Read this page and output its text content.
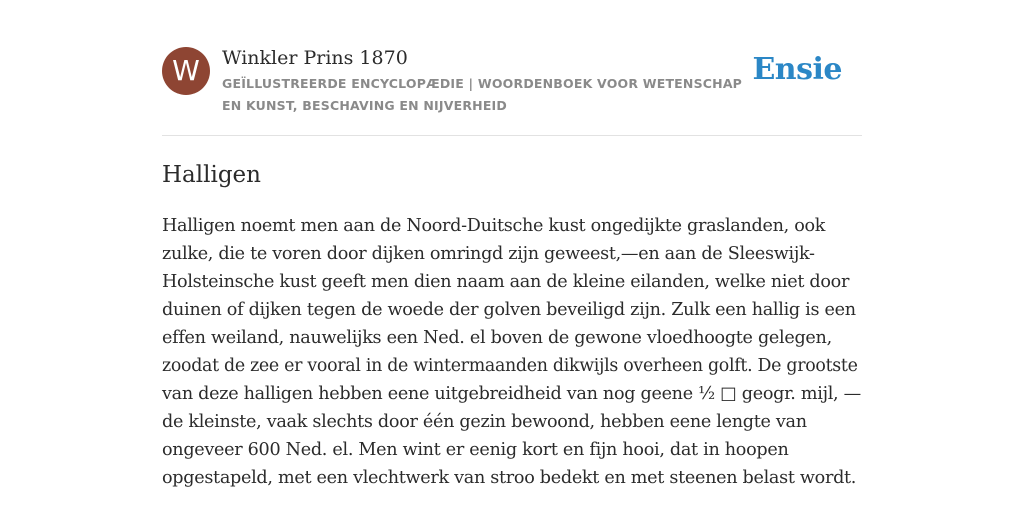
W	Winkler Prins 1870
GEÏLLUSTREERDE ENCYCLOPÆDIE | WOORDENBOEK VOOR WETENSCHAP EN KUNST, BESCHAVING EN NIJVERHEID
Ensie
Halligen
Halligen noemt men aan de Noord-Duitsche kust ongedijkte graslanden, ook
zulke, die te voren door dijken omringd zijn geweest,—en aan de Sleeswijk-
Holsteinsche kust geeft men dien naam aan de kleine eilanden, welke niet door
duinen of dijken tegen de woede der golven beveiligd zijn. Zulk een hallig is een
effen weiland, nauwelijks een Ned. el boven de gewone vloedhoogte gelegen,
zoodat de zee er vooral in de wintermaanden dikwijls overheen golft. De grootste
van deze halligen hebben eene uitgebreidheid van nog geene ½ □ geogr. mijl, —
de kleinste, vaak slechts door één gezin bewoond, hebben eene lengte van
ongeveer 600 Ned. el. Men wint er eenig kort en fijn hooi, dat in hoopen
opgestapeld, met een vlechtwerk van stroo bedekt en met steenen belast wordt.
